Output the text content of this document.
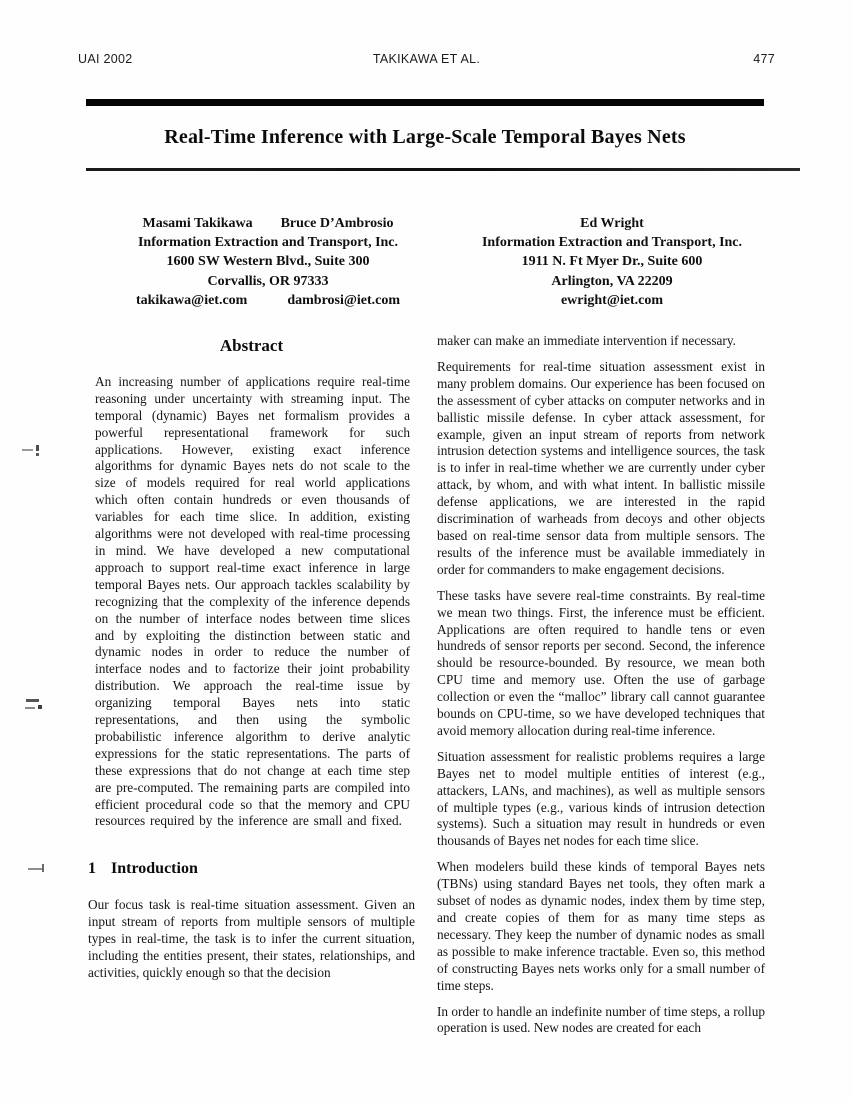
UAI 2002	TAKIKAWA ET AL.	477
Real-Time Inference with Large-Scale Temporal Bayes Nets
Masami Takikawa Bruce D’Ambrosio
Information Extraction and Transport, Inc.
1600 SW Western Blvd., Suite 300
Corvallis, OR 97333
takikawa@iet.com	dambrosi@iet.com
Ed Wright
Information Extraction and Transport, Inc.
1911 N. Ft Myer Dr., Suite 600
Arlington, VA 22209
ewright@iet.com
Abstract
An increasing number of applications require real-time reasoning under uncertainty with streaming input. The temporal (dynamic) Bayes net formalism provides a powerful representational framework for such applications. However, existing exact inference algorithms for dynamic Bayes nets do not scale to the size of models required for real world applications which often contain hundreds or even thousands of variables for each time slice. In addition, existing algorithms were not developed with real-time processing in mind. We have developed a new computational approach to support real-time exact inference in large temporal Bayes nets. Our approach tackles scalability by recognizing that the complexity of the inference depends on the number of interface nodes between time slices and by exploiting the distinction between static and dynamic nodes in order to reduce the number of interface nodes and to factorize their joint probability distribution. We approach the real-time issue by organizing temporal Bayes nets into static representations, and then using the symbolic probabilistic inference algorithm to derive analytic expressions for the static representations. The parts of these expressions that do not change at each time step are pre-computed. The remaining parts are compiled into efficient procedural code so that the memory and CPU resources required by the inference are small and fixed.
1 Introduction
Our focus task is real-time situation assessment. Given an input stream of reports from multiple sensors of multiple types in real-time, the task is to infer the current situation, including the entities present, their states, relationships, and activities, quickly enough so that the decision

maker can make an immediate intervention if necessary.

Requirements for real-time situation assessment exist in many problem domains. Our experience has been focused on the assessment of cyber attacks on computer networks and in ballistic missile defense. In cyber attack assessment, for example, given an input stream of reports from network intrusion detection systems and intelligence sources, the task is to infer in real-time whether we are currently under cyber attack, by whom, and with what intent. In ballistic missile defense applications, we are interested in the rapid discrimination of warheads from decoys and other objects based on real-time sensor data from multiple sensors. The results of the inference must be available immediately in order for commanders to make engagement decisions.

These tasks have severe real-time constraints. By real-time we mean two things. First, the inference must be efficient. Applications are often required to handle tens or even hundreds of sensor reports per second. Second, the inference should be resource-bounded. By resource, we mean both CPU time and memory use. Often the use of garbage collection or even the “malloc” library call cannot guarantee bounds on CPU-time, so we have developed techniques that avoid memory allocation during real-time inference.

Situation assessment for realistic problems requires a large Bayes net to model multiple entities of interest (e.g., attackers, LANs, and machines), as well as multiple sensors of multiple types (e.g., various kinds of intrusion detection systems). Such a situation may result in hundreds or even thousands of Bayes net nodes for each time slice.

When modelers build these kinds of temporal Bayes nets (TBNs) using standard Bayes net tools, they often mark a subset of nodes as dynamic nodes, index them by time step, and create copies of them for as many time steps as necessary. They keep the number of dynamic nodes as small as possible to make inference tractable. Even so, this method of constructing Bayes nets works only for a small number of time steps.

In order to handle an indefinite number of time steps, a rollup operation is used. New nodes are created for each
